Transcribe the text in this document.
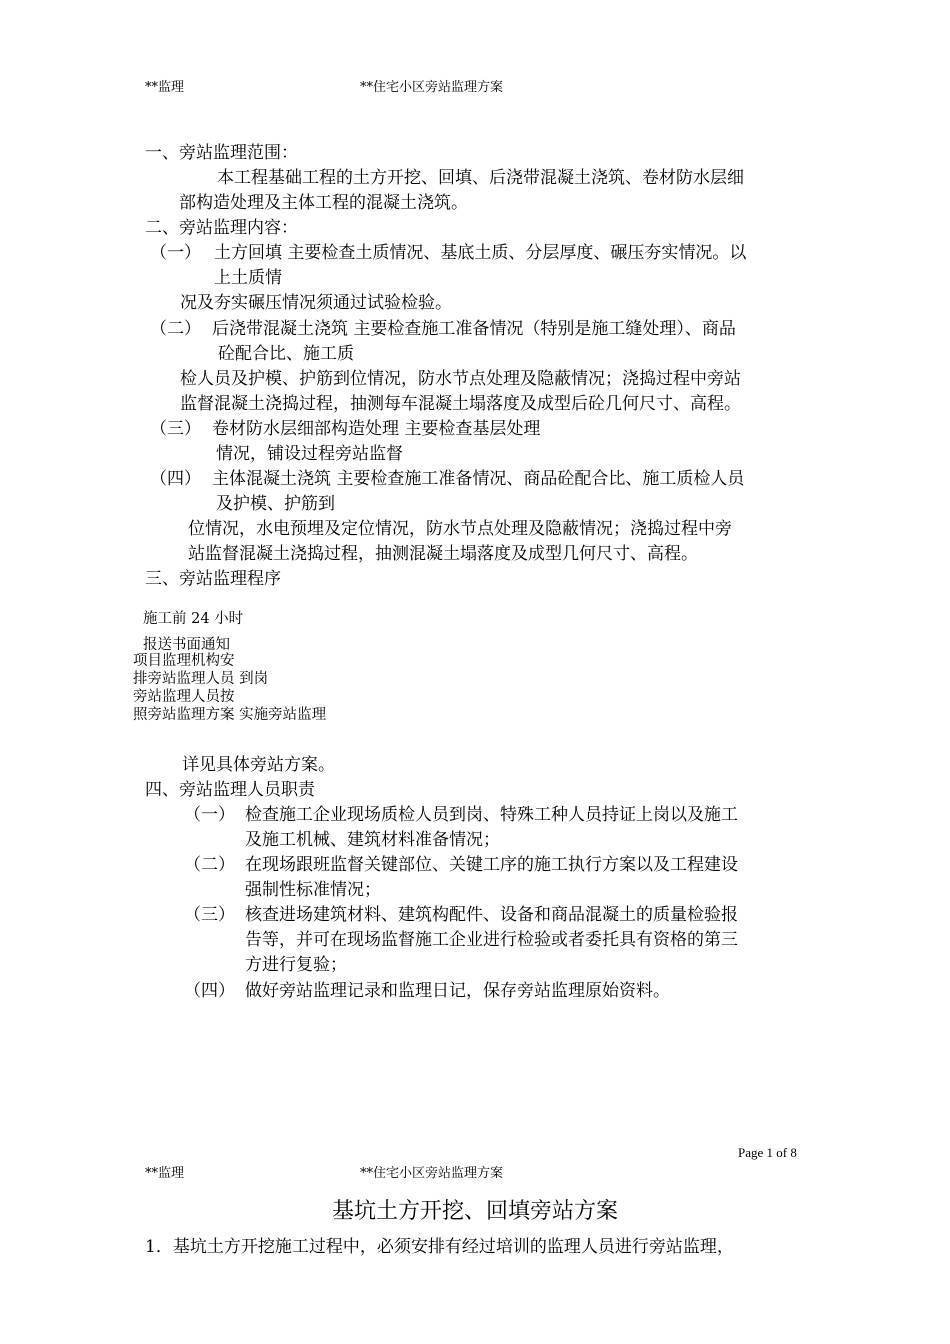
**监理	**住宅小区旁站监理方案
一、旁站监理范围：
本工程基础工程的土方开挖、回填、后浇带混凝土浇筑、卷材防水层细
部构造处理及主体工程的混凝土浇筑。
二、旁站监理内容：
（一） 土方回填 主要检查土质情况、基底土质、分层厚度、碾压夯实情况。以
上土质情
况及夯实碾压情况须通过试验检验。
（二） 后浇带混凝土浇筑 主要检查施工准备情况（特别是施工缝处理）、商品
砼配合比、施工质
检人员及护模、护筋到位情况，防水节点处理及隐蔽情况；浇捣过程中旁站
监督混凝土浇捣过程，抽测每车混凝土塌落度及成型后砼几何尺寸、高程。
（三） 卷材防水层细部构造处理 主要检查基层处理
情况，铺设过程旁站监督
（四） 主体混凝土浇筑 主要检查施工准备情况、商品砼配合比、施工质检人员
及护模、护筋到
位情况，水电预埋及定位情况，防水节点处理及隐蔽情况；浇捣过程中旁
站监督混凝土浇捣过程，抽测混凝土塌落度及成型几何尺寸、高程。
三、旁站监理程序
施工前 24 小时
报送书面通知
项目监理机构安
排旁站监理人员 到岗
旁站监理人员按
照旁站监理方案 实施旁站监理
详见具体旁站方案。
四、旁站监理人员职责
（一） 检查施工企业现场质检人员到岗、特殊工种人员持证上岗以及施工
及施工机械、建筑材料准备情况；
（二） 在现场跟班监督关键部位、关键工序的施工执行方案以及工程建设
强制性标准情况；
（三） 核查进场建筑材料、建筑构配件、设备和商品混凝土的质量检验报
告等，并可在现场监督施工企业进行检验或者委托具有资格的第三
方进行复验；
（四） 做好旁站监理记录和监理日记，保存旁站监理原始资料。
Page 1 of 8
**监理	**住宅小区旁站监理方案
基坑土方开挖、回填旁站方案
1．基坑土方开挖施工过程中，必须安排有经过培训的监理人员进行旁站监理，
